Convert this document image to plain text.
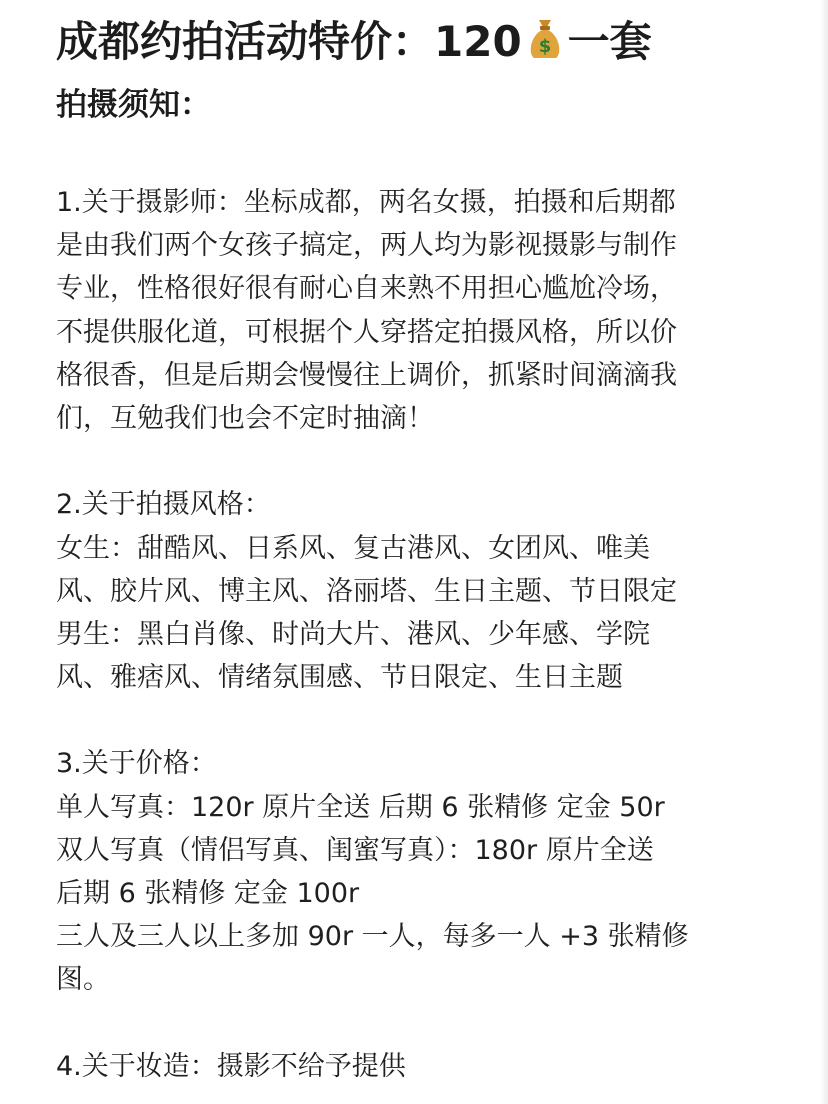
成都约拍活动特价：120 $ 一套
拍摄须知：
1.关于摄影师：坐标成都，两名女摄，拍摄和后期都
是由我们两个女孩子搞定，两人均为影视摄影与制作
专业，性格很好很有耐心自来熟不用担心尴尬冷场，
不提供服化道，可根据个人穿搭定拍摄风格，所以价
格很香，但是后期会慢慢往上调价，抓紧时间滴滴我
们，互勉我们也会不定时抽滴！
2.关于拍摄风格：
女生：甜酷风、日系风、复古港风、女团风、唯美
风、胶片风、博主风、洛丽塔、生日主题、节日限定
男生：黑白肖像、时尚大片、港风、少年感、学院
风、雅痞风、情绪氛围感、节日限定、生日主题
3.关于价格：
单人写真：120r 原片全送 后期 6 张精修 定金 50r
双人写真（情侣写真、闺蜜写真）：180r 原片全送
后期 6 张精修 定金 100r
三人及三人以上多加 90r 一人，每多一人 +3 张精修
图。
4.关于妆造：摄影不给予提供
